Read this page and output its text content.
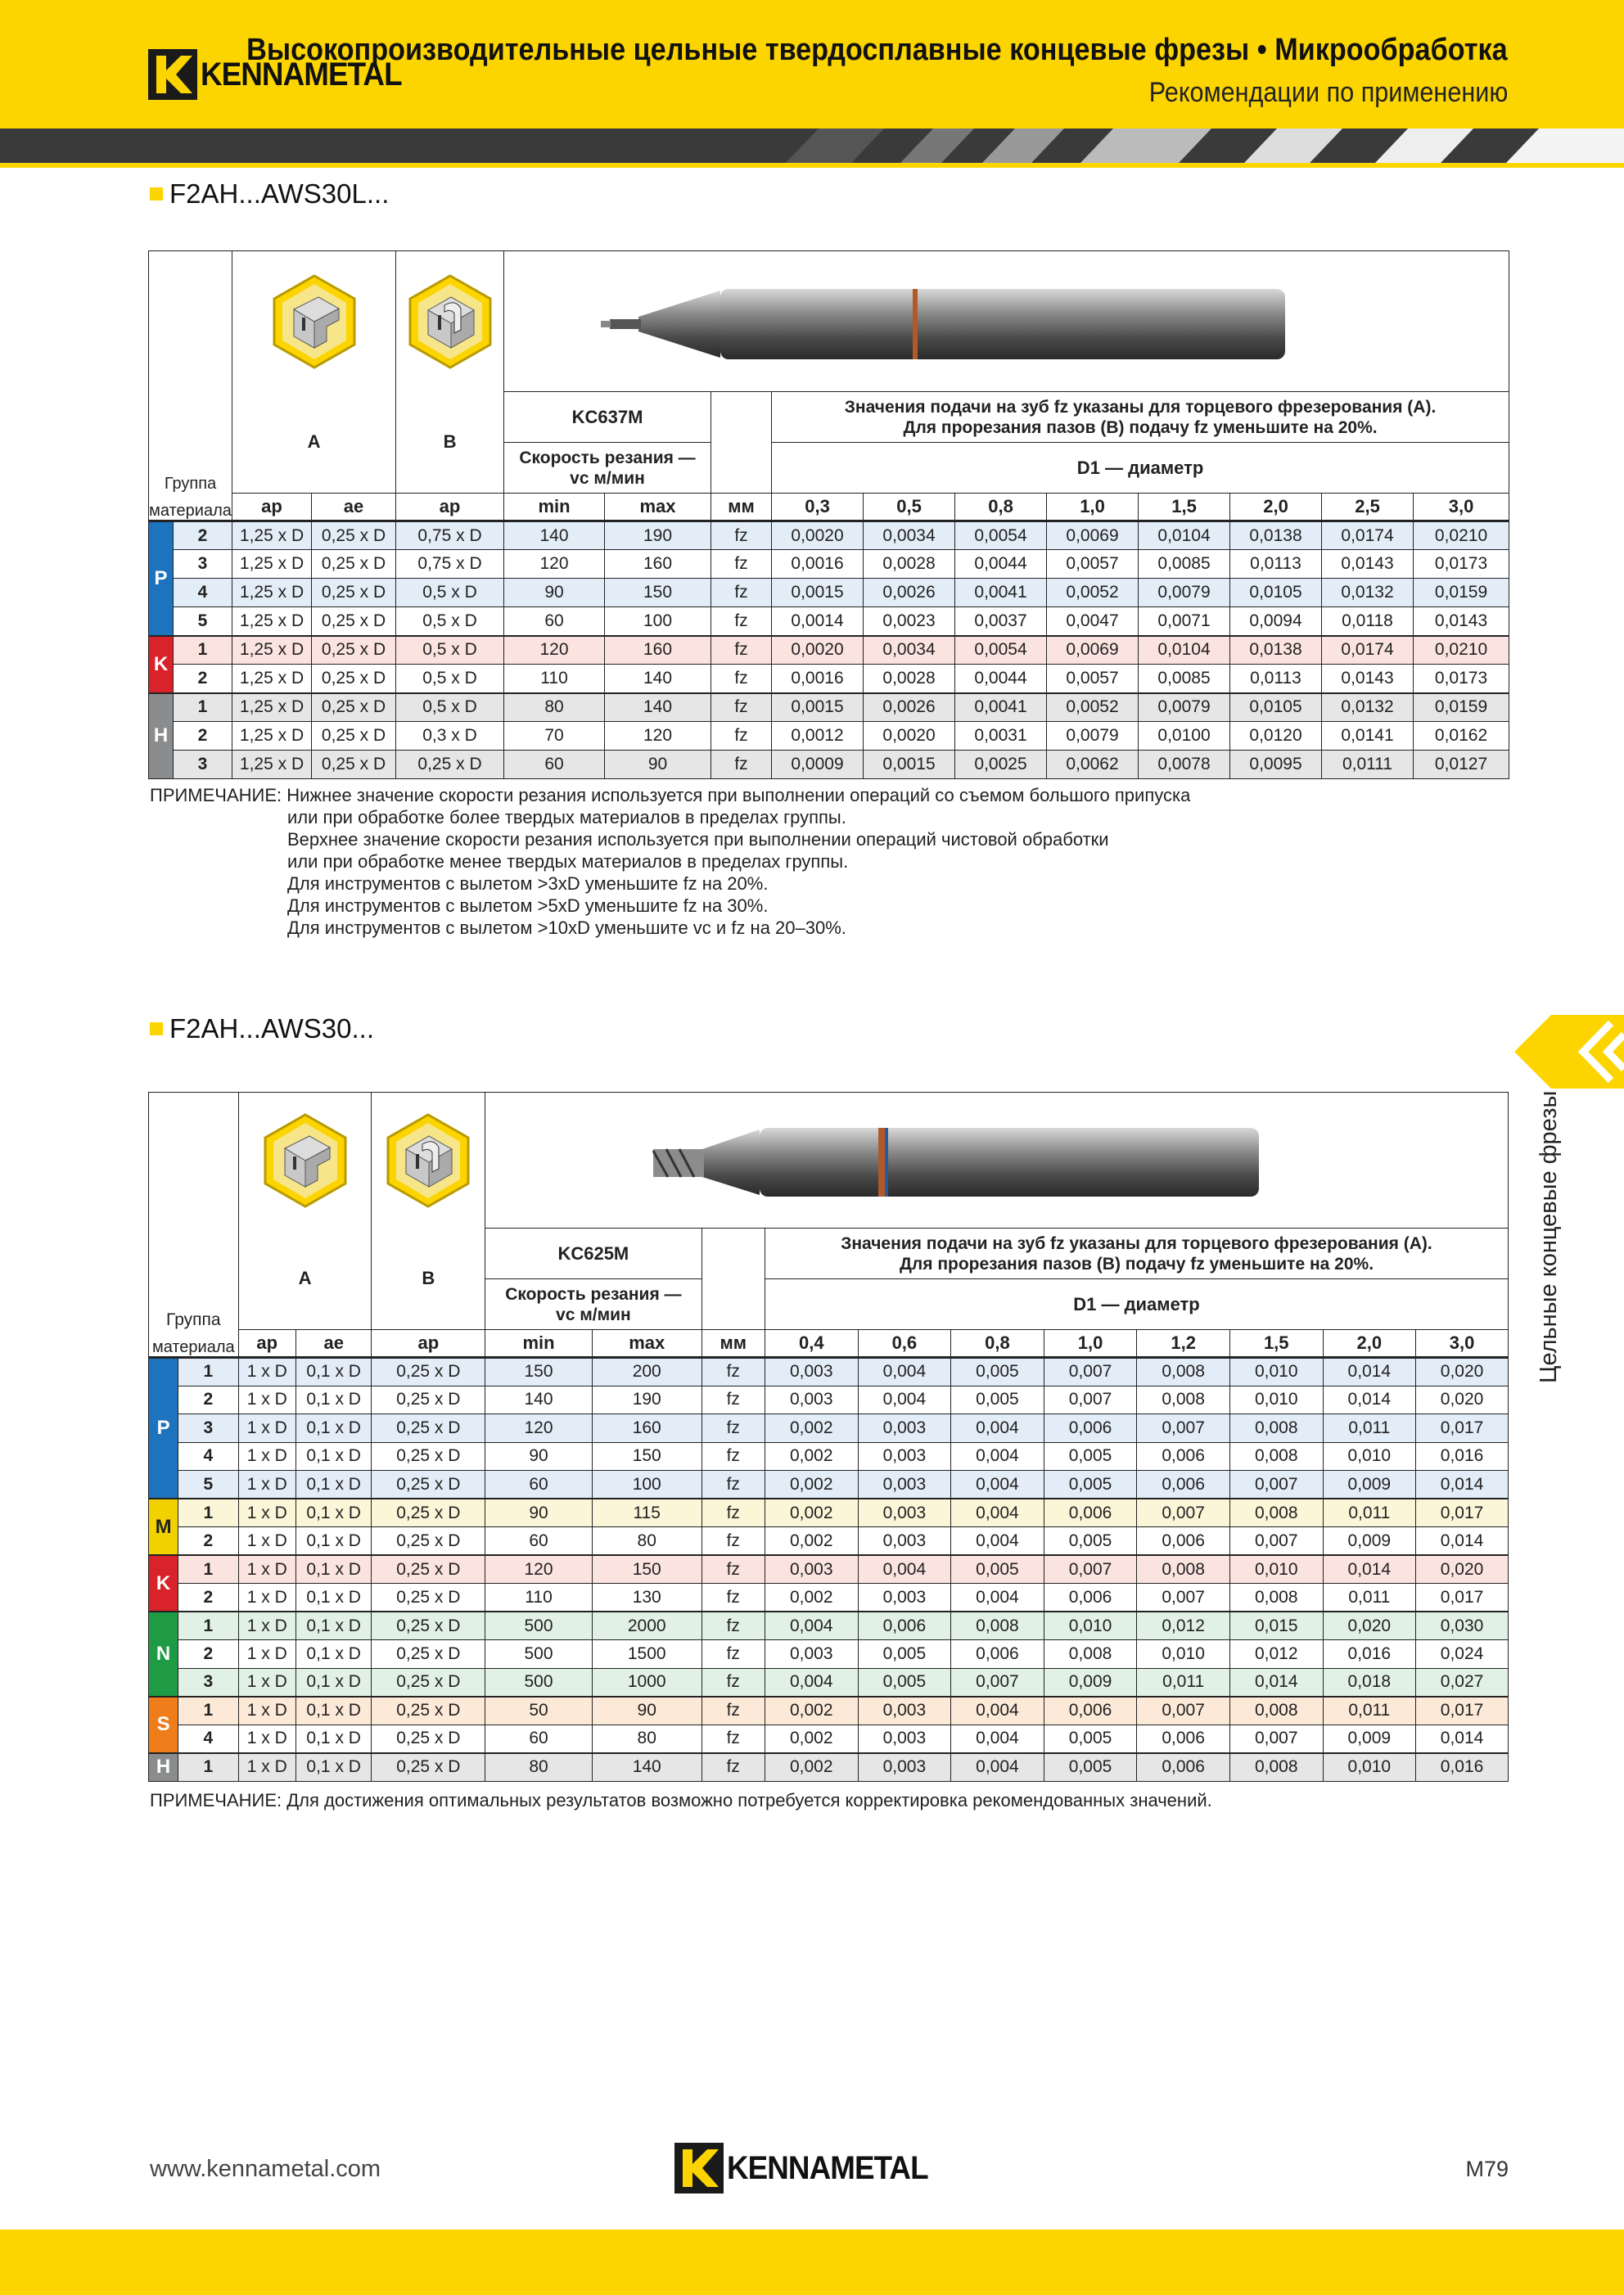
KENNAMETAL
Высокопроизводительные цельные твердосплавные концевые фрезы • Микрообработка
Рекомендации по применению
F2AH...AWS30L...
Группа

		A		B	KC637M			Значения подачи на зуб fz указаны для торцевого фрезерования (A).
Для прорезания пазов (B) подачу fz уменьшите на 20%.							

					Скорость резания — vc м/мин			D1 — диаметр							

материала		ap	ae	ap	min	max	мм	0,3	0,5	0,8	1,0	1,5	2,0	2,5	3,0
P	2	1,25 x D	0,25 x D	0,75 x D	140	190	fz	0,0020	0,0034	0,0054	0,0069	0,0104	0,0138	0,0174	0,0210
	3	1,25 x D	0,25 x D	0,75 x D	120	160	fz	0,0016	0,0028	0,0044	0,0057	0,0085	0,0113	0,0143	0,0173
	4	1,25 x D	0,25 x D	0,5 x D	90	150	fz	0,0015	0,0026	0,0041	0,0052	0,0079	0,0105	0,0132	0,0159
	5	1,25 x D	0,25 x D	0,5 x D	60	100	fz	0,0014	0,0023	0,0037	0,0047	0,0071	0,0094	0,0118	0,0143
K	1	1,25 x D	0,25 x D	0,5 x D	120	160	fz	0,0020	0,0034	0,0054	0,0069	0,0104	0,0138	0,0174	0,0210
	2	1,25 x D	0,25 x D	0,5 x D	110	140	fz	0,0016	0,0028	0,0044	0,0057	0,0085	0,0113	0,0143	0,0173
H	1	1,25 x D	0,25 x D	0,5 x D	80	140	fz	0,0015	0,0026	0,0041	0,0052	0,0079	0,0105	0,0132	0,0159
	2	1,25 x D	0,25 x D	0,3 x D	70	120	fz	0,0012	0,0020	0,0031	0,0079	0,0100	0,0120	0,0141	0,0162
	3	1,25 x D	0,25 x D	0,25 x D	60	90	fz	0,0009	0,0015	0,0025	0,0062	0,0078	0,0095	0,0111	0,0127
ПРИМЕЧАНИЕ: Нижнее значение скорости резания используется при выполнении операций со съемом большого припуска
или при обработке более твердых материалов в пределах группы.
Верхнее значение скорости резания используется при выполнении операций чистовой обработки
или при обработке менее твердых материалов в пределах группы.
Для инструментов с вылетом >3xD уменьшите fz на 20%.
Для инструментов с вылетом >5xD уменьшите fz на 30%.
Для инструментов с вылетом >10xD уменьшите vc и fz на 20–30%.
F2AH...AWS30...
Группа

		A		B	KC625M			Значения подачи на зуб fz указаны для торцевого фрезерования (A).
Для прорезания пазов (B) подачу fz уменьшите на 20%.							

					Скорость резания — vc м/мин			D1 — диаметр							

материала		ap	ae	ap	min	max	мм	0,4	0,6	0,8	1,0	1,2	1,5	2,0	3,0
P	1	1 x D	0,1 x D	0,25 x D	150	200	fz	0,003	0,004	0,005	0,007	0,008	0,010	0,014	0,020
	2	1 x D	0,1 x D	0,25 x D	140	190	fz	0,003	0,004	0,005	0,007	0,008	0,010	0,014	0,020
	3	1 x D	0,1 x D	0,25 x D	120	160	fz	0,002	0,003	0,004	0,006	0,007	0,008	0,011	0,017
	4	1 x D	0,1 x D	0,25 x D	90	150	fz	0,002	0,003	0,004	0,005	0,006	0,008	0,010	0,016
	5	1 x D	0,1 x D	0,25 x D	60	100	fz	0,002	0,003	0,004	0,005	0,006	0,007	0,009	0,014
M	1	1 x D	0,1 x D	0,25 x D	90	115	fz	0,002	0,003	0,004	0,006	0,007	0,008	0,011	0,017
	2	1 x D	0,1 x D	0,25 x D	60	80	fz	0,002	0,003	0,004	0,005	0,006	0,007	0,009	0,014
K	1	1 x D	0,1 x D	0,25 x D	120	150	fz	0,003	0,004	0,005	0,007	0,008	0,010	0,014	0,020
	2	1 x D	0,1 x D	0,25 x D	110	130	fz	0,002	0,003	0,004	0,006	0,007	0,008	0,011	0,017
N	1	1 x D	0,1 x D	0,25 x D	500	2000	fz	0,004	0,006	0,008	0,010	0,012	0,015	0,020	0,030
	2	1 x D	0,1 x D	0,25 x D	500	1500	fz	0,003	0,005	0,006	0,008	0,010	0,012	0,016	0,024
	3	1 x D	0,1 x D	0,25 x D	500	1000	fz	0,004	0,005	0,007	0,009	0,011	0,014	0,018	0,027
S	1	1 x D	0,1 x D	0,25 x D	50	90	fz	0,002	0,003	0,004	0,006	0,007	0,008	0,011	0,017
	4	1 x D	0,1 x D	0,25 x D	60	80	fz	0,002	0,003	0,004	0,005	0,006	0,007	0,009	0,014
H	1	1 x D	0,1 x D	0,25 x D	80	140	fz	0,002	0,003	0,004	0,005	0,006	0,008	0,010	0,016
ПРИМЕЧАНИЕ: Для достижения оптимальных результатов возможно потребуется корректировка рекомендованных значений.
Цельные концевые фрезы
www.kennametal.com	KENNAMETAL	M79
